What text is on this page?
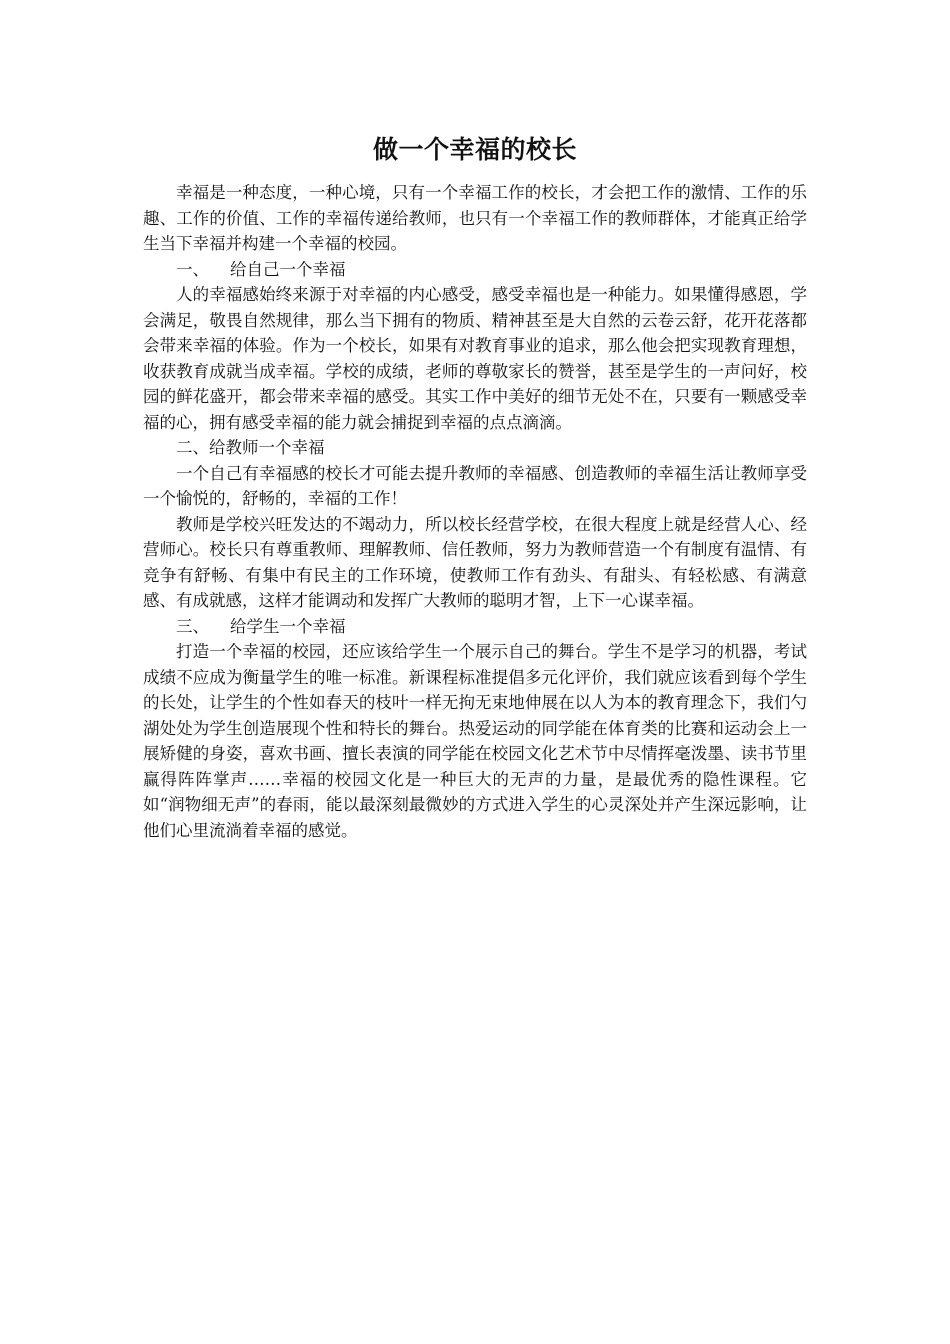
做一个幸福的校长

幸福是一种态度，一种心境，只有一个幸福工作的校长，才会把工作的激情、工作的乐趣、工作的价值、工作的幸福传递给教师，也只有一个幸福工作的教师群体，才能真正给学生当下幸福并构建一个幸福的校园。

一、    给自己一个幸福

人的幸福感始终来源于对幸福的内心感受，感受幸福也是一种能力。如果懂得感恩，学会满足，敬畏自然规律，那么当下拥有的物质、精神甚至是大自然的云卷云舒，花开花落都会带来幸福的体验。作为一个校长，如果有对教育事业的追求，那么他会把实现教育理想，收获教育成就当成幸福。学校的成绩，老师的尊敬家长的赞誉，甚至是学生的一声问好，校园的鲜花盛开，都会带来幸福的感受。其实工作中美好的细节无处不在，只要有一颗感受幸福的心，拥有感受幸福的能力就会捕捉到幸福的点点滴滴。

二、给教师一个幸福

一个自己有幸福感的校长才可能去提升教师的幸福感、创造教师的幸福生活让教师享受一个愉悦的，舒畅的，幸福的工作！

教师是学校兴旺发达的不竭动力，所以校长经营学校，在很大程度上就是经营人心、经营师心。校长只有尊重教师、理解教师、信任教师，努力为教师营造一个有制度有温情、有竞争有舒畅、有集中有民主的工作环境，使教师工作有劲头、有甜头、有轻松感、有满意感、有成就感，这样才能调动和发挥广大教师的聪明才智，上下一心谋幸福。

三、    给学生一个幸福

打造一个幸福的校园，还应该给学生一个展示自己的舞台。学生不是学习的机器，考试成绩不应成为衡量学生的唯一标准。新课程标准提倡多元化评价，我们就应该看到每个学生的长处，让学生的个性如春天的枝叶一样无拘无束地伸展在以人为本的教育理念下，我们勺湖处处为学生创造展现个性和特长的舞台。热爱运动的同学能在体育类的比赛和运动会上一展矫健的身姿，喜欢书画、擅长表演的同学能在校园文化艺术节中尽情挥毫泼墨、读书节里赢得阵阵掌声……幸福的校园文化是一种巨大的无声的力量，是最优秀的隐性课程。它如“润物细无声”的春雨，能以最深刻最微妙的方式进入学生的心灵深处并产生深远影响，让他们心里流淌着幸福的感觉。
